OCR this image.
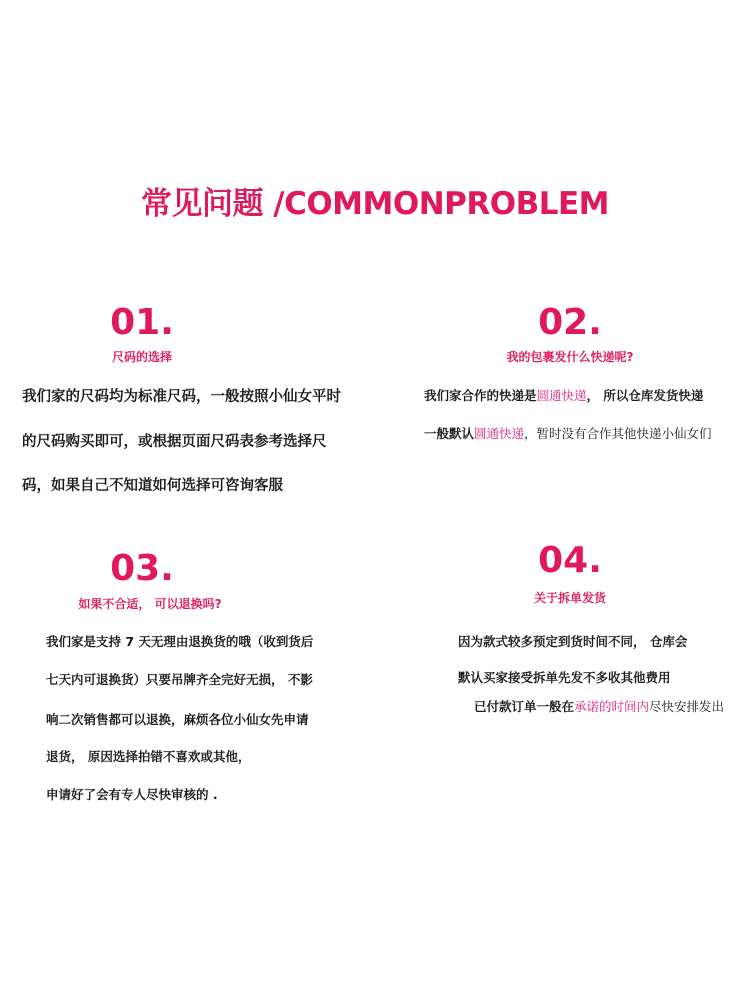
常见问题 /COMMONPROBLEM
01.
尺码的选择
我们家的尺码均为标准尺码，一般按照小仙女平时
的尺码购买即可，或根据页面尺码表参考选择尺
码，如果自己不知道如何选择可咨询客服
02.
我的包裹发什么快递呢?
我们家合作的快递是圆通快递， 所以仓库发货快递
一般默认圆通快递，暂时没有合作其他快递小仙女们
03.
如果不合适， 可以退换吗?
我们家是支持 7 天无理由退换货的哦（收到货后
七天内可退换货）只要吊牌齐全完好无损， 不影
响二次销售都可以退换，麻烦各位小仙女先申请
退货， 原因选择拍错不喜欢或其他，
申请好了会有专人尽快审核的 .
04.
关于拆单发货
因为款式较多预定到货时间不同， 仓库会
默认买家接受拆单先发不多收其他费用
已付款订单一般在承诺的时间内尽快安排发出
